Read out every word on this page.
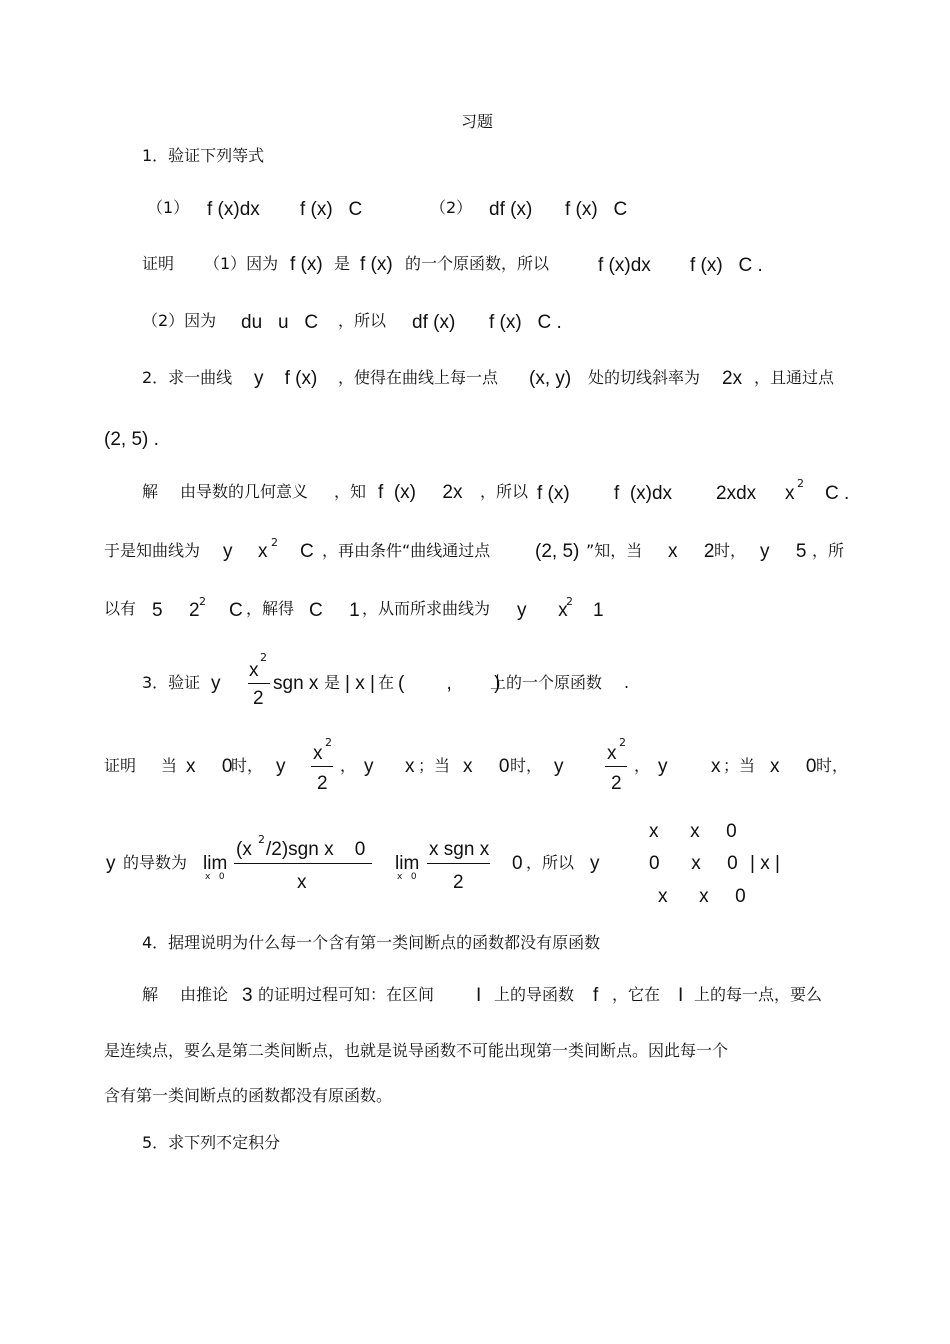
习题
1．验证下列等式
（1） f (x)dx f (x)   C	（2） df (x) f (x)   C
证明 （1）因为 f (x) 是 f (x) 的一个原函数，所以	f (x)dx f (x)   C .
（2）因为 du   u   C ，所以 df (x) f (x)   C .
2．求一曲线 y    f (x) ，使得在曲线上每一点 (x, y) 处的切线斜率为 2x ，且通过点
(2, 5) .
解 由导数的几何意义 ，知 f  (x)     2x ，所以 f (x) f  (x)dx 2xdx x 2 C .
于是知曲线为 y x 2 C ，再由条件“曲线通过点 (2, 5) ”知，当 x     2 时， y     5 ，所
以有 5     2 2 C ，解得 C     1 ，从而所求曲线为 y      x
2 1
3．验证 y
x
2
2
sgn x 是 | x | 在 (        ,        )
上的一个原函数 .
证明 当 x     0
时， y
x
2
2
， y x ；当 x     0 时， y
x
2
2
， y x ；当 x     0 时，
y 的导数为 lim
x   0
(x 2 /2)sgn x    0
x
lim
x   0
x sgn x
2
0 ，所以 y
x      x     0
0      x     0
x      x     0
| x |
4．据理说明为什么每一个含有第一类间断点的函数都没有原函数
解 由推论 3 的证明过程可知：在区间 I 上的导函数 f ，它在 I 上的每一点，要么
是连续点，要么是第二类间断点，也就是说导函数不可能出现第一类间断点。因此每一个
含有第一类间断点的函数都没有原函数。
5．求下列不定积分
